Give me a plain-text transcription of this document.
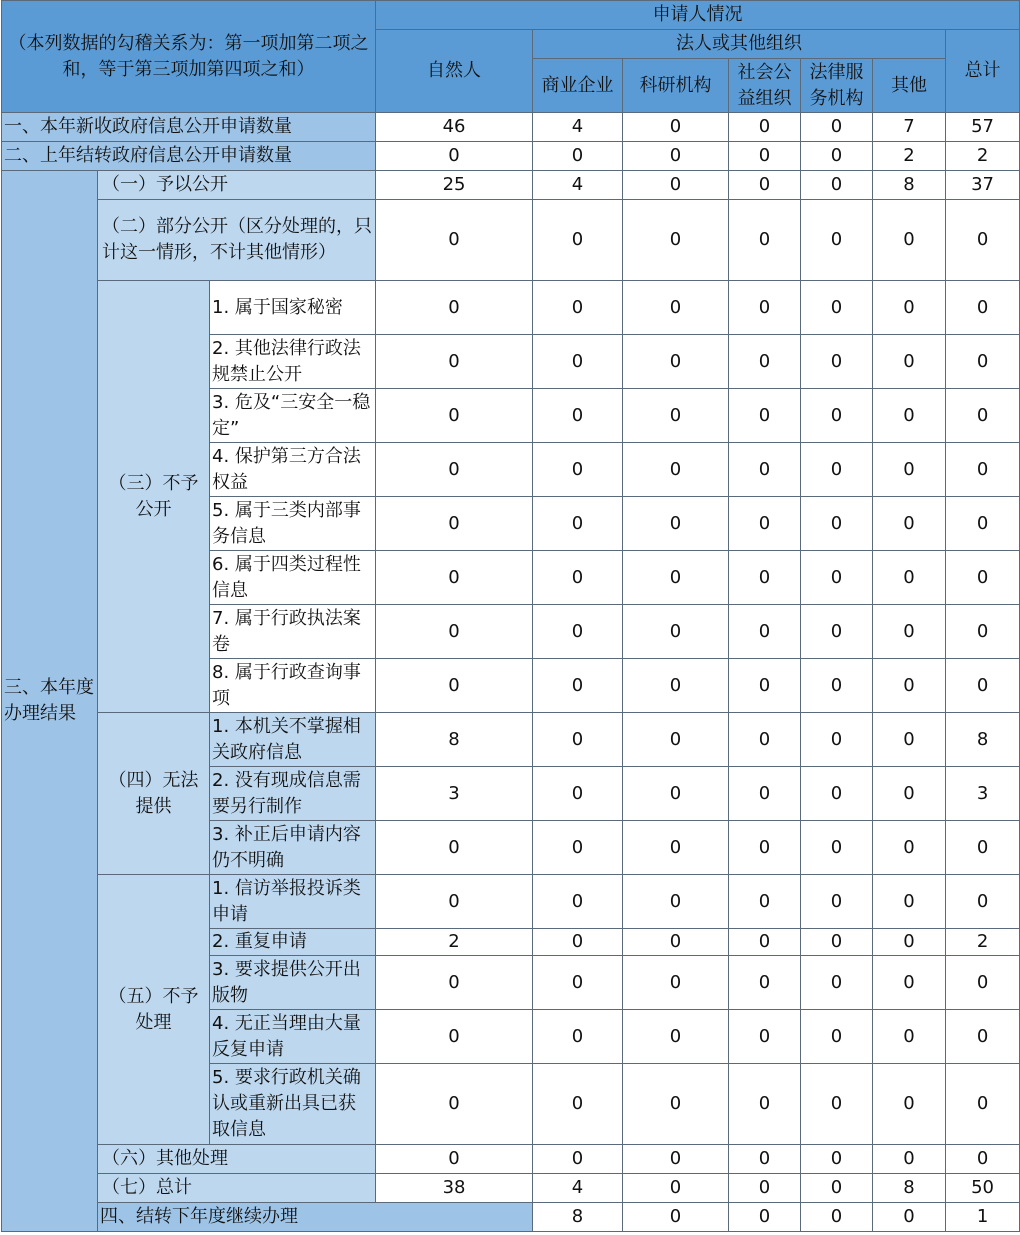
（本列数据的勾稽关系为：第一项加第二项之和，等于第三项加第四项之和）			申请人情况							
			自然人	法人或其他组织					总计	
				商业企业	科研机构	社会公益组织	法律服务机构	其他		

一、本年新收政府信息公开申请数量			46	4	0	0	0	7	57	
二、上年结转政府信息公开申请数量			0	0	0	0	0	2	2	
三、本年度办理结果	（一）予以公开		25	4	0	0	0	8	37	
	（二）部分公开（区分处理的，只计这一情形，不计其他情形）		0	0	0	0	0	0	0	
	（三）不予公开	1. 属于国家秘密	0	0	0	0	0	0	0	
		2. 其他法律行政法规禁止公开	0	0	0	0	0	0	0	
		3. 危及“三安全一稳定”	0	0	0	0	0	0	0	
		4. 保护第三方合法权益	0	0	0	0	0	0	0	
		5. 属于三类内部事务信息	0	0	0	0	0	0	0	
		6. 属于四类过程性信息	0	0	0	0	0	0	0	
		7. 属于行政执法案卷	0	0	0	0	0	0	0	
		8. 属于行政查询事项	0	0	0	0	0	0	0	
	（四）无法提供	1. 本机关不掌握相关政府信息	8	0	0	0	0	0	8	
		2. 没有现成信息需要另行制作	3	0	0	0	0	0	3	
		3. 补正后申请内容仍不明确	0	0	0	0	0	0	0	
	（五）不予处理	1. 信访举报投诉类申请	0	0	0	0	0	0	0	
		2. 重复申请	2	0	0	0	0	0	2	
		3. 要求提供公开出版物	0	0	0	0	0	0	0	
		4. 无正当理由大量反复申请	0	0	0	0	0	0	0	
		5. 要求行政机关确认或重新出具已获取信息	0	0	0	0	0	0	0	
	（六）其他处理		0	0	0	0	0	0	0	
	（七）总计		38	4	0	0	0	8	50	
	四、结转下年度继续办理			8	0	0	0	0	1	
